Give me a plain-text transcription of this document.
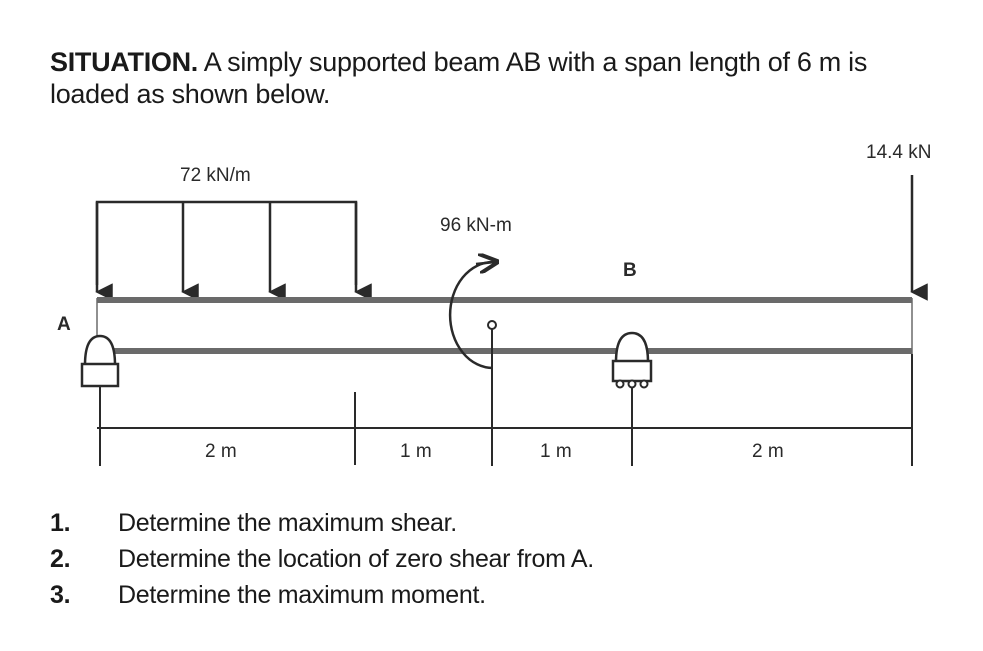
SITUATION. A simply supported beam AB with a span length of 6 m is loaded as shown below.
72 kN/m
96 kN-m
14.4 kN
A
B
2 m	1 m	1 m	2 m
1.	Determine the maximum shear.
2.	Determine the location of zero shear from A.
3.	Determine the maximum moment.
